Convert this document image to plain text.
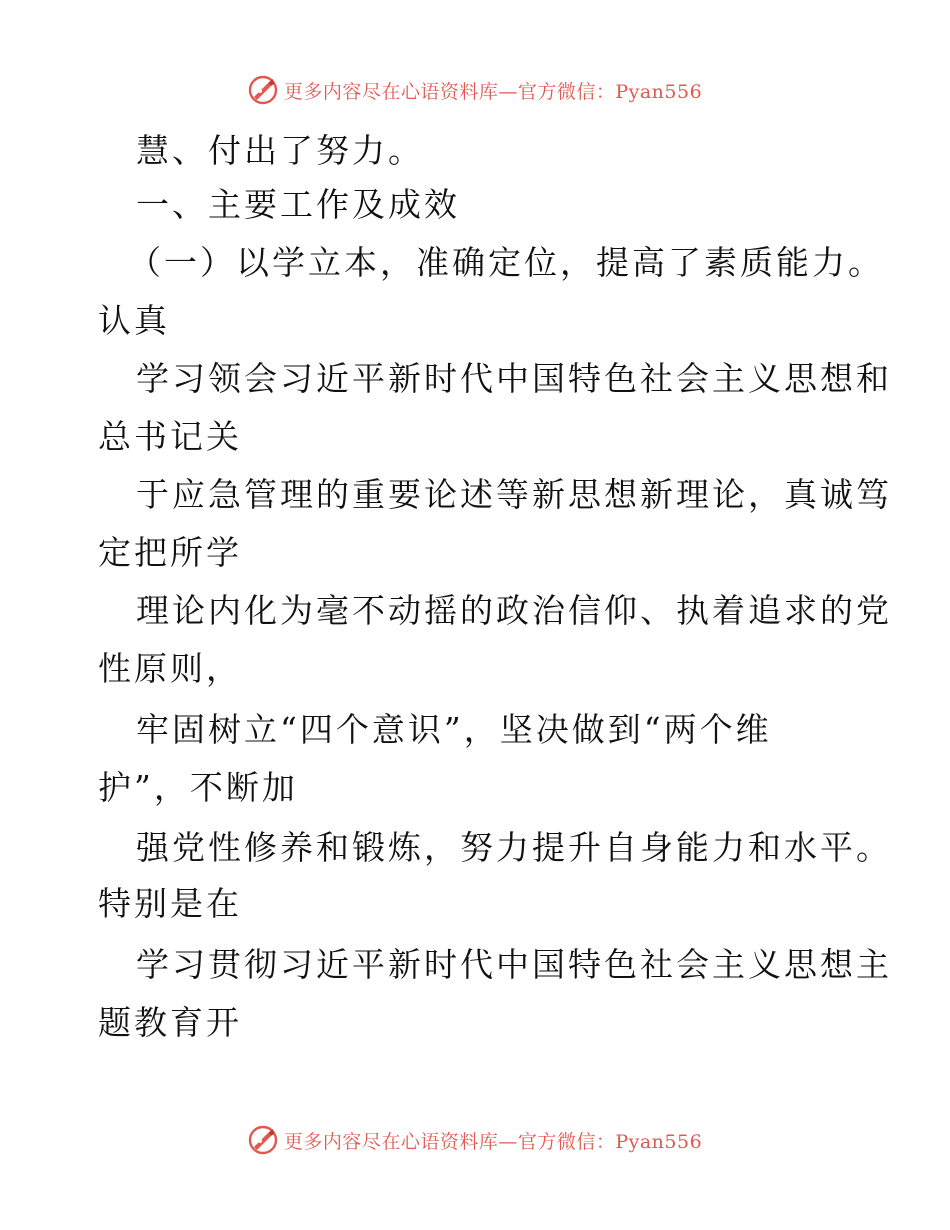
更多内容尽在心语资料库—官方微信：Pyan556
慧、付出了努力。
一、主要工作及成效
（一）以学立本，准确定位，提高了素质能力。
认真
学习领会习近平新时代中国特色社会主义思想和
总书记关
于应急管理的重要论述等新思想新理论，真诚笃
定把所学
理论内化为毫不动摇的政治信仰、执着追求的党
性原则，
牢固树立“四个意识”，坚决做到“两个维
护”，不断加
强党性修养和锻炼，努力提升自身能力和水平。
特别是在
学习贯彻习近平新时代中国特色社会主义思想主
题教育开
更多内容尽在心语资料库—官方微信：Pyan556
